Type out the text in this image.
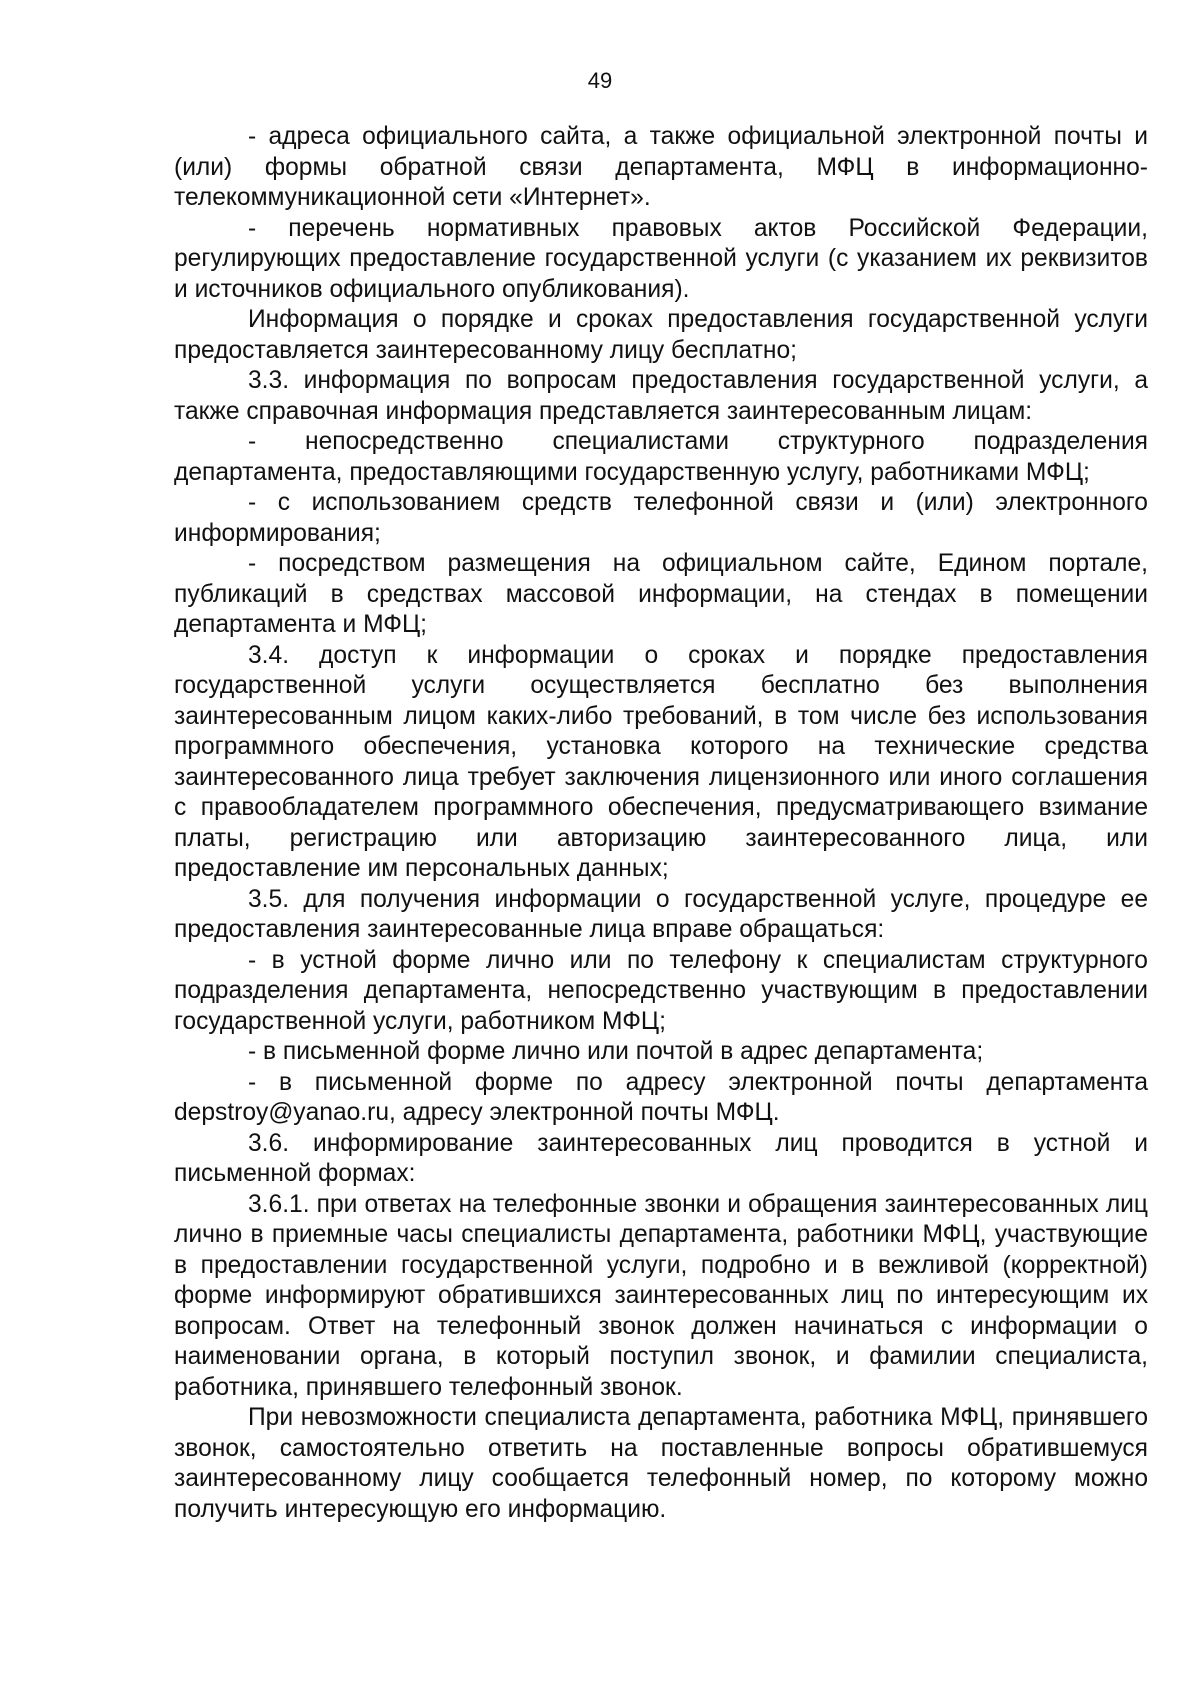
49

- адреса официального сайта, а также официальной электронной почты и (или) формы обратной связи департамента, МФЦ в информационно-телекоммуникационной сети «Интернет».

- перечень нормативных правовых актов Российской Федерации, регулирующих предоставление государственной услуги (с указанием их реквизитов и источников официального опубликования).

Информация о порядке и сроках предоставления государственной услуги предоставляется заинтересованному лицу бесплатно;

3.3. информация по вопросам предоставления государственной услуги, а также справочная информация представляется заинтересованным лицам:

- непосредственно специалистами структурного подразделения департамента, предоставляющими государственную услугу, работниками МФЦ;

- с использованием средств телефонной связи и (или) электронного информирования;

- посредством размещения на официальном сайте, Едином портале, публикаций в средствах массовой информации, на стендах в помещении департамента и МФЦ;

3.4. доступ к информации о сроках и порядке предоставления государственной услуги осуществляется бесплатно без выполнения заинтересованным лицом каких-либо требований, в том числе без использования программного обеспечения, установка которого на технические средства заинтересованного лица требует заключения лицензионного или иного соглашения с правообладателем программного обеспечения, предусматривающего взимание платы, регистрацию или авторизацию заинтересованного лица, или предоставление им персональных данных;

3.5. для получения информации о государственной услуге, процедуре ее предоставления заинтересованные лица вправе обращаться:

- в устной форме лично или по телефону к специалистам структурного подразделения департамента, непосредственно участвующим в предоставлении государственной услуги, работником МФЦ;

- в письменной форме лично или почтой в адрес департамента;

- в письменной форме по адресу электронной почты департамента depstroy@yanao.ru, адресу электронной почты МФЦ.

3.6. информирование заинтересованных лиц проводится в устной и письменной формах:

3.6.1. при ответах на телефонные звонки и обращения заинтересованных лиц лично в приемные часы специалисты департамента, работники МФЦ, участвующие в предоставлении государственной услуги, подробно и в вежливой (корректной) форме информируют обратившихся заинтересованных лиц по интересующим их вопросам. Ответ на телефонный звонок должен начинаться с информации о наименовании органа, в который поступил звонок, и фамилии специалиста, работника, принявшего телефонный звонок.

При невозможности специалиста департамента, работника МФЦ, принявшего звонок, самостоятельно ответить на поставленные вопросы обратившемуся заинтересованному лицу сообщается телефонный номер, по которому можно получить интересующую его информацию.
